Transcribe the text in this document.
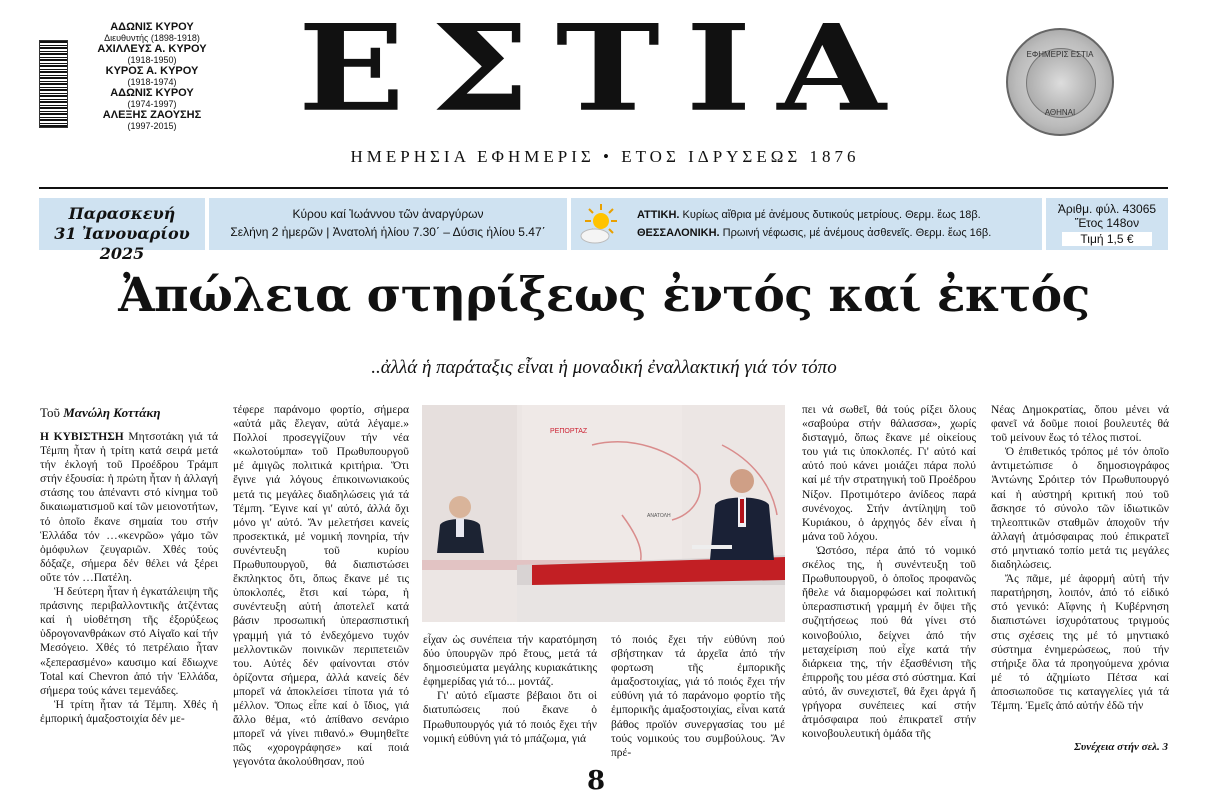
ΑΔΩΝΙΣ ΚΥΡΟΥ
Διευθυντής (1898-1918)
ΑΧΙΛΛΕΥΣ Α. ΚΥΡΟΥ
(1918-1950)
ΚΥΡΟΣ Α. ΚΥΡΟΥ
(1918-1974)
ΑΔΩΝΙΣ ΚΥΡΟΥ
(1974-1997)
ΑΛΕΞΗΣ ΖΑΟΥΣΗΣ
(1997-2015) ΕΣΤΙΑ
ΗΜΕΡΗΣΙΑ ΕΦΗΜΕΡΙΣ • ΕΤΟΣ ΙΔΡΥΣΕΩΣ 1876
ΕΦΗΜΕΡΙΣ ΕΣΤΙΑ
ΑΘΗΝΑΙ
Παρασκευή
31 Ἰανουαρίου 2025
Κύρου καί Ἰωάννου τῶν ἀναργύρων
Σελήνη 2 ἡμερῶν | Ἀνατολή ἡλίου 7.30΄ – Δύσις ἡλίου 5.47΄
ΑΤΤΙΚΗ. Κυρίως αἴθρια μέ ἀνέμους δυτικούς μετρίους. Θερμ. ἕως 18β.
ΘΕΣΣΑΛΟΝΙΚΗ. Πρωινή νέφωσις, μέ ἀνέμους ἀσθενεῖς. Θερμ. ἕως 16β.
Ἀριθμ. φύλ. 43065
Ἔτος 148ον
Τιμή 1,5 €
Ἀπώλεια στηρίξεως ἐντός καί ἐκτός
..ἀλλά ἡ παράταξις εἶναι ἡ μοναδική ἐναλλακτική γιά τόν τόπο
Τοῦ Μανώλη Κοττάκη

Η ΚΥΒΙΣΤΗΣΗ Μητσοτάκη γιά τά Τέμπη ἦταν ἡ τρίτη κατά σειρά μετά τήν ἐκλογή τοῦ Προέδρου Τράμπ στήν ἐξουσία: ἡ πρώτη ἦταν ἡ ἀλλαγή στάσης του ἀπέναντι στό κίνημα τοῦ δικαιωματισμοῦ καί τῶν μειονοτήτων, τό ὁποῖο ἔκανε σημαία του στήν Ἑλλάδα τόν …«κενρῶο» γάμο τῶν ὁμόφυλων ζευγαριῶν. Χθές τούς δόξαζε, σήμερα δέν θέλει νά ξέρει οὔτε τόν …Πατέλη.

Ἡ δεύτερη ἦταν ἡ ἐγκατάλειψη τῆς πράσινης περιβαλλοντικῆς ἀτζέντας καί ἡ υἱοθέτηση τῆς ἐξορύξεως ὑδρογονανθράκων στό Αἰγαῖο καί τήν Μεσόγειο. Χθές τό πετρέλαιο ἦταν «ξεπερασμένο» καυσιμο καί ἔδιωχνε Total καί Chevron ἀπό τήν Ἑλλάδα, σήμερα τούς κάνει τεμενάδες.

Ἡ τρίτη ἦταν τά Τέμπη. Χθές ἡ ἐμπορική ἀμαξοστοιχία δέν με-

τέφερε παράνομο φορτίο, σήμερα «αὐτά μᾶς ἔλεγαν, αὐτά λέγαμε.» Πολλοί προσεγγίζουν τήν νέα «κωλοτούμπα» τοῦ Πρωθυπουργοῦ μέ ἀμιγῶς πολιτικά κριτήρια. Ὅτι ἔγινε γιά λόγους ἐπικοινωνιακούς μετά τις μεγάλες διαδηλώσεις γιά τά Τέμπη. Ἔγινε καί γι' αὐτό, ἀλλά ὄχι μόνο γι' αὐτό. Ἄν μελετήσει κανείς προσεκτικά, μέ νομική πονηρία, τήν συνέντευξη τοῦ κυρίου Πρωθυπουργοῦ, θά διαπιστώσει ἔκπληκτος ὅτι, ὅπως ἔκανε μέ τις ὑποκλοπές, ἔτσι καί τώρα, ἡ συνέντευξη αὐτή ἀποτελεῖ κατά βάσιν προσωπική ὑπερασπιστική γραμμή γιά τό ἐνδεχόμενο τυχόν μελλοντικῶν ποινικῶν περιπετειῶν του. Αὐτές δέν φαίνονται στόν ὁρίζοντα σήμερα, ἀλλά κανείς δέν μπορεῖ νά ἀποκλείσει τίποτα γιά τό μέλλον. Ὅπως εἶπε καί ὁ ἴδιος, γιά ἄλλο θέμα, «τό ἀπίθανο σενάριο μπορεῖ νά γίνει πιθανό.» Θυμηθεῖτε πῶς «χορογράφησε» καί ποιά γεγονότα ἀκολούθησαν, πού

ΡΕΠΟΡΤΑΖ
ΑΝΑΤΟΛΗ

εἶχαν ὡς συνέπεια τήν καρατόμηση δύο ὑπουργῶν πρό ἔτους, μετά τά δημοσιεύματα μεγάλης κυριακάτικης ἐφημερίδας γιά τό... μοντάζ.

Γι' αὐτό εἴμαστε βέβαιοι ὅτι οἱ διατυπώσεις πού ἔκανε ὁ Πρωθυπουργός γιά τό ποιός ἔχει τήν νομική εὐθύνη γιά τό μπάζωμα, γιά

τό ποιός ἔχει τήν εὐθύνη πού σβήστηκαν τά ἀρχεῖα ἀπό τήν φορτωση τῆς ἐμπορικῆς ἀμαξοστοιχίας, γιά τό ποιός ἔχει τήν εὐθύνη γιά τό παράνομο φορτίο τῆς ἐμπορικῆς ἀμαξοστοιχίας, εἶναι κατά βάθος προϊόν συνεργασίας του μέ τούς νομικούς του συμβούλους. Ἄν πρέ-

πει νά σωθεῖ, θά τούς ρίξει ὅλους «σαβούρα στήν θάλασσα», χωρίς δισταγμό, ὅπως ἔκανε μέ οἰκείους του γιά τις ὑποκλοπές. Γι' αὐτό καί αὐτό πού κάνει μοιάζει πάρα πολύ καί μέ τήν στρατηγική τοῦ Προέδρου Νίξον. Προτιμότερο ἀνίδεος παρά συνένοχος. Στήν ἀντίληψη τοῦ Κυριάκου, ὁ ἀρχηγός δέν εἶναι ἡ μάνα τοῦ λόχου.

Ὡστόσο, πέρα ἀπό τό νομικό σκέλος της, ἡ συνέντευξη τοῦ Πρωθυπουργοῦ, ὁ ὁποῖος προφανῶς ἤθελε νά διαμορφώσει καί πολιτική ὑπερασπιστική γραμμή ἐν ὄψει τῆς συζητήσεως πού θά γίνει στό κοινοβούλιο, δείχνει ἀπό τήν μεταχείριση πού εἶχε κατά τήν διάρκεια της, τήν ἐξασθένιση τῆς ἐπιρροῆς του μέσα στό σύστημα. Καί αὐτό, ἄν συνεχιστεῖ, θά ἔχει ἀργά ἤ γρήγορα συνέπειες καί στήν ἀτμόσφαιρα πού ἐπικρατεῖ στήν κοινοβουλευτική ὁμάδα τῆς

Νέας Δημοκρατίας, ὅπου μένει νά φανεῖ νά δοῦμε ποιοί βουλευτές θά τοῦ μείνουν ἕως τό τέλος πιστοί.

Ὁ ἐπιθετικός τρόπος μέ τόν ὁποῖο ἀντιμετώπισε ὁ δημοσιογράφος Ἀντώνης Σρόιτερ τόν Πρωθυπουργό καί ἡ αὐστηρή κριτική πού τοῦ ἄσκησε τό σύνολο τῶν ἰδιωτικῶν τηλεοπτικῶν σταθμῶν ἀποχοῦν τήν ἀλλαγή ἀτμόσφαιρας πού ἐπικρατεῖ στό μηντιακό τοπίο μετά τις μεγάλες διαδηλώσεις.

Ἄς πᾶμε, μέ ἀφορμή αὐτή τήν παρατήρηση, λοιπόν, ἀπό τό εἰδικό στό γενικό: Αἴφνης ἡ Κυβέρνηση διαπιστώνει ἰσχυρότατους τριγμούς στις σχέσεις της μέ τό μηντιακό σύστημα ἐνημερώσεως, πού τήν στήριξε ὅλα τά προηγούμενα χρόνια μέ τό ἀζημίωτο Πέτσα καί ἀποσιωποῦσε τις καταγγελίες γιά τά Τέμπη. Ἐμεῖς ἀπό αὐτήν ἐδῶ τήν

Συνέχεια στήν σελ. 3
8
